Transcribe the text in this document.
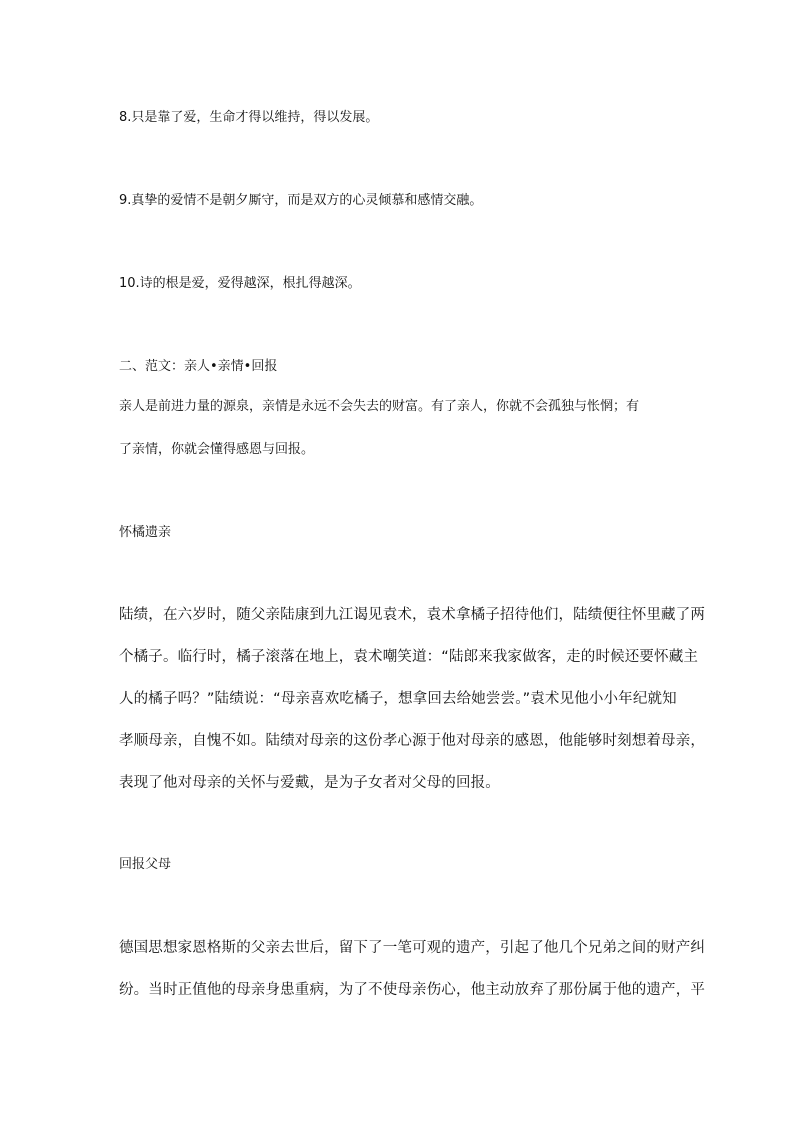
8.只是靠了爱，生命才得以维持，得以发展。
9.真挚的爱情不是朝夕厮守，而是双方的心灵倾慕和感情交融。
10.诗的根是爱，爱得越深，根扎得越深。
二、范文：亲人•亲情•回报
亲人是前进力量的源泉，亲情是永远不会失去的财富。有了亲人，你就不会孤独与怅惘；有
了亲情，你就会懂得感恩与回报。
怀橘遗亲
陆绩，在六岁时，随父亲陆康到九江谒见袁术，袁术拿橘子招待他们，陆绩便往怀里藏了两
个橘子。临行时，橘子滚落在地上，袁术嘲笑道：“陆郎来我家做客，走的时候还要怀藏主
人的橘子吗？”陆绩说：“母亲喜欢吃橘子，想拿回去给她尝尝。”袁术见他小小年纪就知
孝顺母亲，自愧不如。陆绩对母亲的这份孝心源于他对母亲的感恩，他能够时刻想着母亲，
表现了他对母亲的关怀与爱戴，是为子女者对父母的回报。
回报父母
德国思想家恩格斯的父亲去世后，留下了一笔可观的遗产，引起了他几个兄弟之间的财产纠
纷。当时正值他的母亲身患重病，为了不使母亲伤心，他主动放弃了那份属于他的遗产，平
